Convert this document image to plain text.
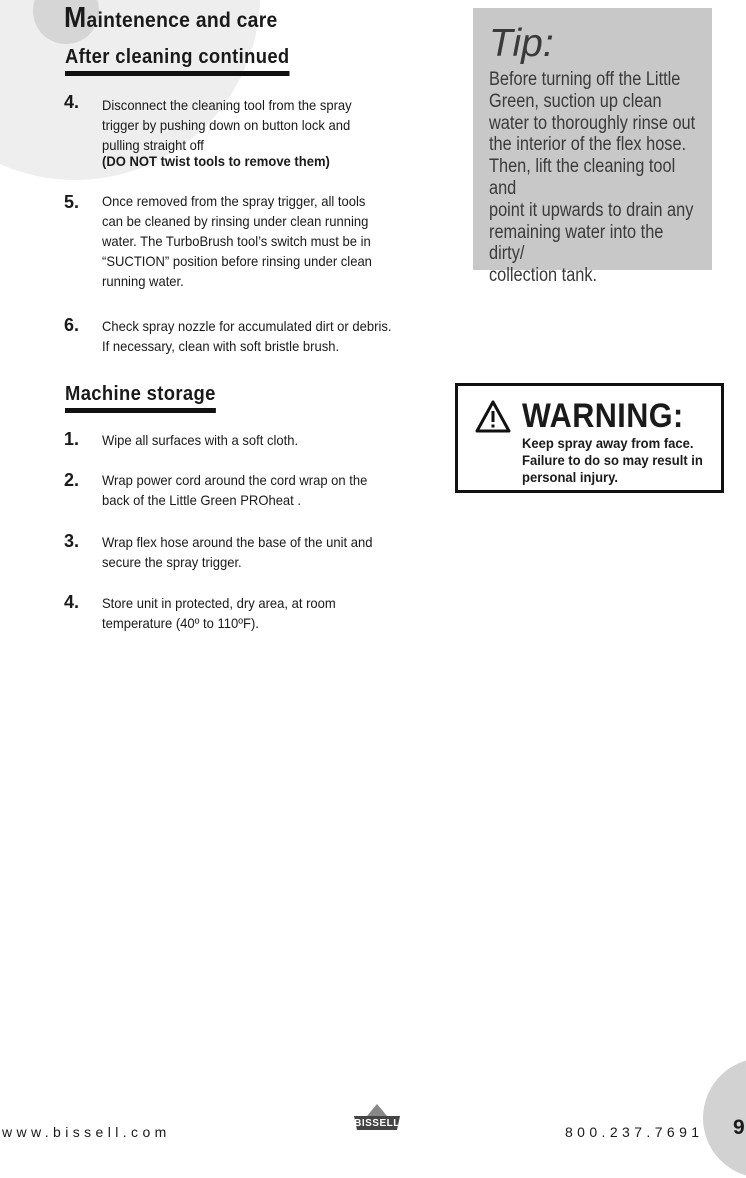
Maintenence and care
After cleaning continued
4. Disconnect the cleaning tool from the spray
trigger by pushing down on button lock and
pulling straight off
(DO NOT twist tools to remove them)
5. Once removed from the spray trigger, all tools
can be cleaned by rinsing under clean running
water. The TurboBrush tool’s switch must be in
“SUCTION” position before rinsing under clean
running water.
6. Check spray nozzle for accumulated dirt or debris.
If necessary, clean with soft bristle brush.
Machine storage
1. Wipe all surfaces with a soft cloth.
2. Wrap power cord around the cord wrap on the
back of the Little Green PROheat .
3. Wrap flex hose around the base of the unit and
secure the spray trigger.
4. Store unit in protected, dry area, at room
temperature (40º to 110ºF).
Tip:
Before turning off the Little
Green, suction up clean
water to thoroughly rinse out
the interior of the flex hose.
Then, lift the cleaning tool and
point it upwards to drain any
remaining water into the dirty/
collection tank.
WARNING:
Keep spray away from face.
Failure to do so may result in
personal injury.
www.bissell.com
BISSELL
800.237.7691 9
